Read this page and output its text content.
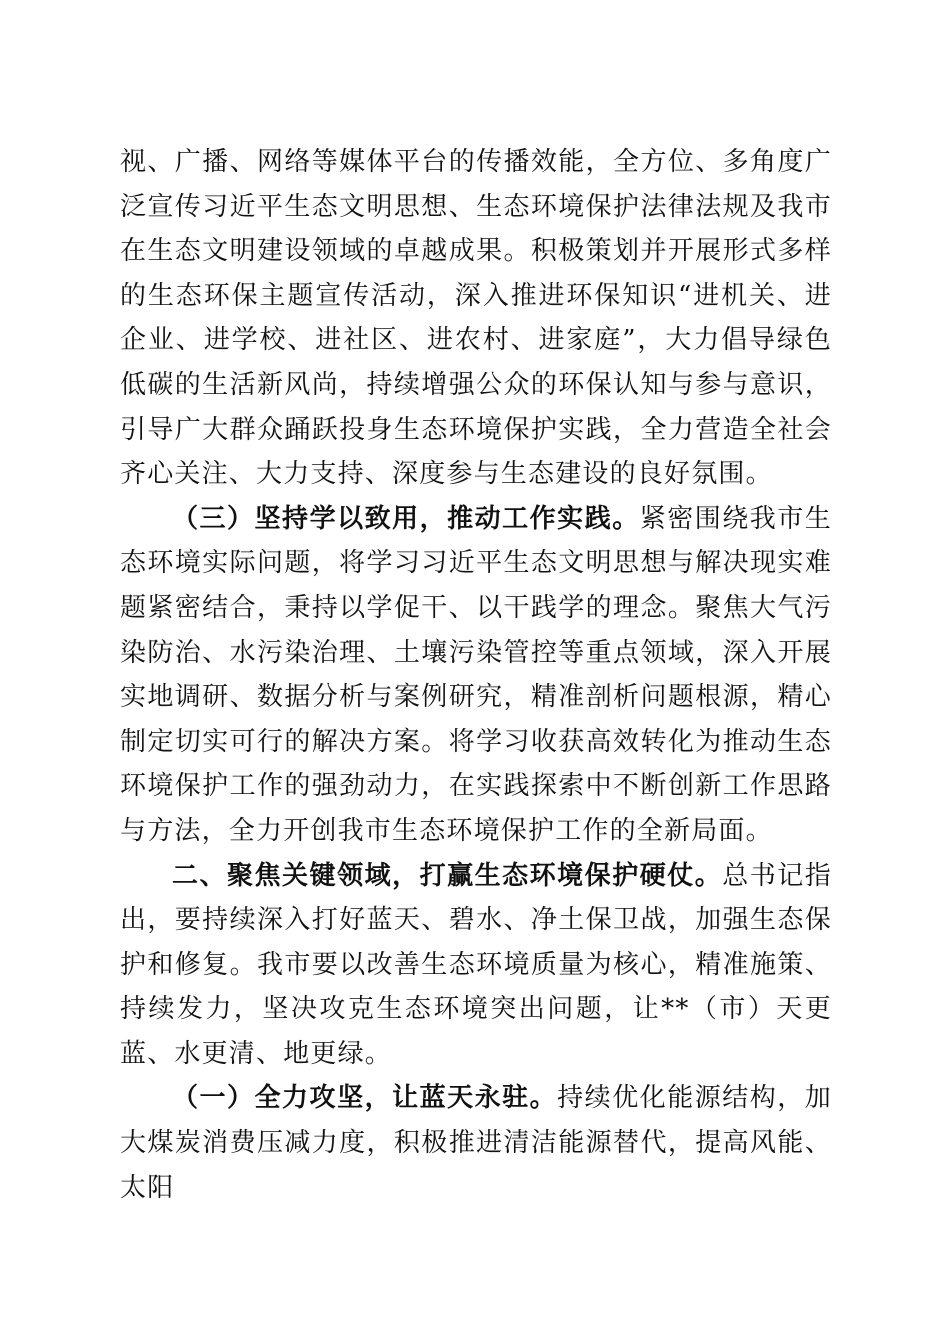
视、广播、网络等媒体平台的传播效能，全方位、多角度广泛宣传习近平生态文明思想、生态环境保护法律法规及我市在生态文明建设领域的卓越成果。积极策划并开展形式多样的生态环保主题宣传活动，深入推进环保知识“进机关、进企业、进学校、进社区、进农村、进家庭”，大力倡导绿色低碳的生活新风尚，持续增强公众的环保认知与参与意识，引导广大群众踊跃投身生态环境保护实践，全力营造全社会齐心关注、大力支持、深度参与生态建设的良好氛围。

（三）坚持学以致用，推动工作实践。紧密围绕我市生态环境实际问题，将学习习近平生态文明思想与解决现实难题紧密结合，秉持以学促干、以干践学的理念。聚焦大气污染防治、水污染治理、土壤污染管控等重点领域，深入开展实地调研、数据分析与案例研究，精准剖析问题根源，精心制定切实可行的解决方案。将学习收获高效转化为推动生态环境保护工作的强劲动力，在实践探索中不断创新工作思路与方法，全力开创我市生态环境保护工作的全新局面。

二、聚焦关键领域，打赢生态环境保护硬仗。总书记指出，要持续深入打好蓝天、碧水、净土保卫战，加强生态保护和修复。我市要以改善生态环境质量为核心，精准施策、持续发力，坚决攻克生态环境突出问题，让**（市）天更蓝、水更清、地更绿。

（一）全力攻坚，让蓝天永驻。持续优化能源结构，加大煤炭消费压减力度，积极推进清洁能源替代，提高风能、太阳
